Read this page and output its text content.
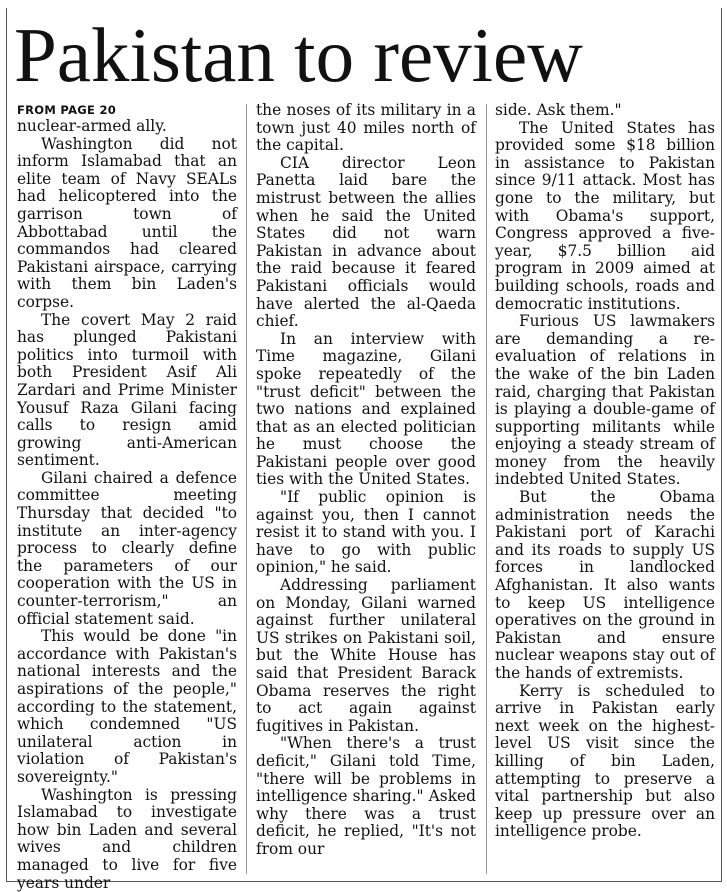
Pakistan to review
FROM PAGE 20

nuclear-armed ally.

Washington did not inform Islamabad that an elite team of Navy SEALs had helicoptered into the garrison town of Abbottabad until the commandos had cleared Pakistani airspace, carrying with them bin Laden's corpse.

The covert May 2 raid has plunged Pakistani politics into turmoil with both President Asif Ali Zardari and Prime Minister Yousuf Raza Gilani facing calls to resign amid growing anti-American sentiment.

Gilani chaired a defence committee meeting Thursday that decided "to institute an inter-agency process to clearly define the parameters of our cooperation with the US in counter-terrorism," an official statement said.

This would be done "in accordance with Pakistan's national interests and the aspirations of the people," according to the statement, which condemned "US unilateral action in violation of Pakistan's sovereignty."

Washington is pressing Islamabad to investigate how bin Laden and several wives and children managed to live for five years under

the noses of its military in a town just 40 miles north of the capital.

CIA director Leon Panetta laid bare the mistrust between the allies when he said the United States did not warn Pakistan in advance about the raid because it feared Pakistani officials would have alerted the al-Qaeda chief.

In an interview with Time magazine, Gilani spoke repeatedly of the "trust deficit" between the two nations and explained that as an elected politician he must choose the Pakistani people over good ties with the United States.

"If public opinion is against you, then I cannot resist it to stand with you. I have to go with public opinion," he said.

Addressing parliament on Monday, Gilani warned against further unilateral US strikes on Pakistani soil, but the White House has said that President Barack Obama reserves the right to act again against fugitives in Pakistan.

"When there's a trust deficit," Gilani told Time, "there will be problems in intelligence sharing." Asked why there was a trust deficit, he replied, "It's not from our

side. Ask them."

The United States has provided some $18 billion in assistance to Pakistan since 9/11 attack. Most has gone to the military, but with Obama's support, Congress approved a five-year, $7.5 billion aid program in 2009 aimed at building schools, roads and democratic institutions.

Furious US lawmakers are demanding a re-evaluation of relations in the wake of the bin Laden raid, charging that Pakistan is playing a double-game of supporting militants while enjoying a steady stream of money from the heavily indebted United States.

But the Obama administration needs the Pakistani port of Karachi and its roads to supply US forces in landlocked Afghanistan. It also wants to keep US intelligence operatives on the ground in Pakistan and ensure nuclear weapons stay out of the hands of extremists.

Kerry is scheduled to arrive in Pakistan early next week on the highest-level US visit since the killing of bin Laden, attempting to preserve a vital partnership but also keep up pressure over an intelligence probe.
